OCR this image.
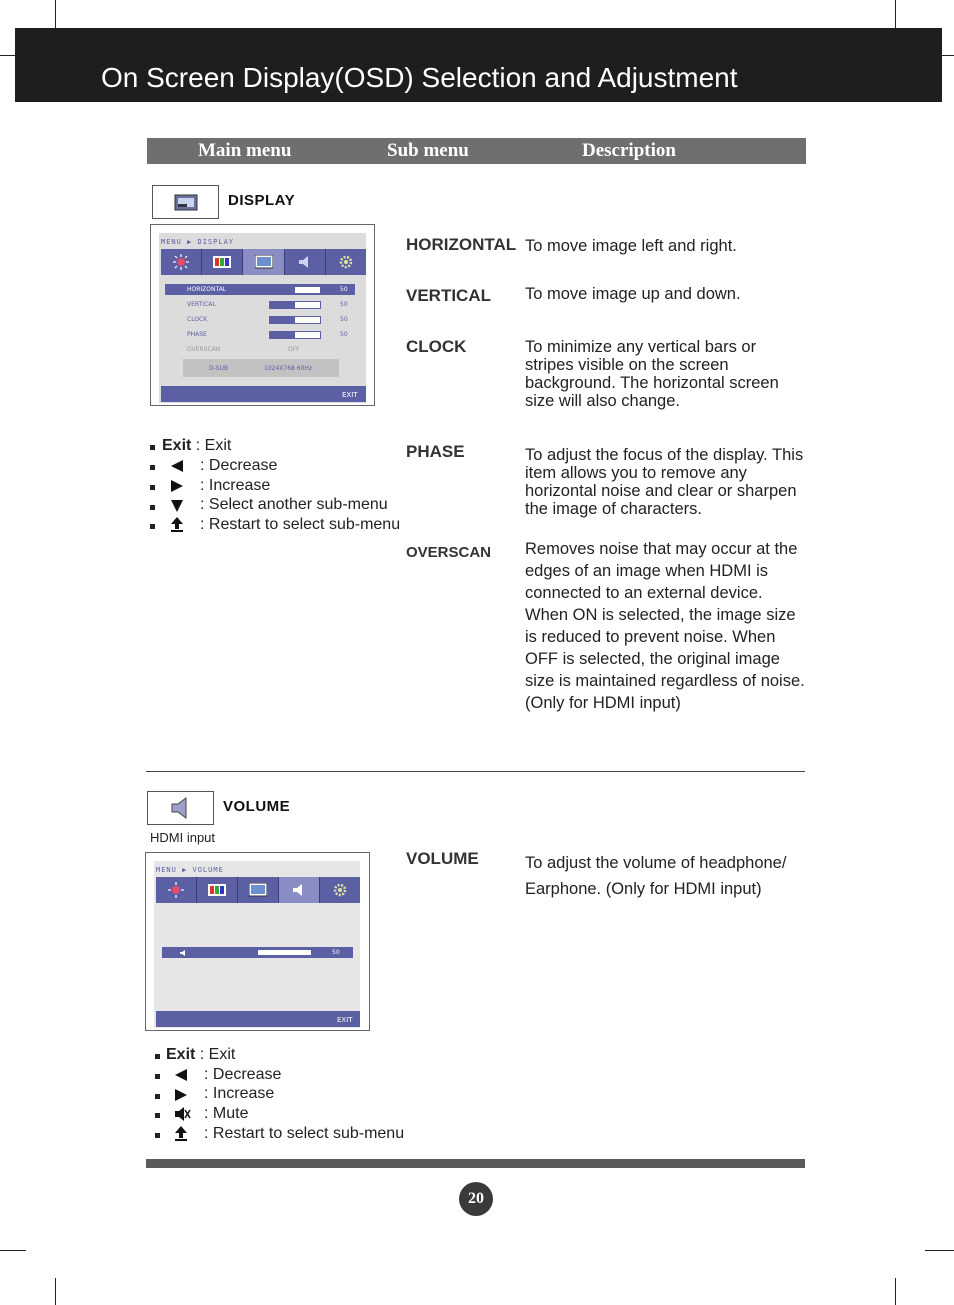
On Screen Display(OSD) Selection and Adjustment
Main menu	Sub menu	Description
DISPLAY
MENU ▶ DISPLAY
HORIZONTAL	50
VERTICAL	50
CLOCK	50
PHASE	50
OVERSCAN	OFF
D-SUB	1024X768 60Hz
EXIT
Exit : Exit
: Decrease
: Increase
: Select another sub-menu
: Restart to select sub-menu
HORIZONTAL To move image left and right.
VERTICAL To move image up and down.
CLOCK	To minimize any vertical bars or stripes visible on the screen background. The horizontal screen size will also change.
PHASE	To adjust the focus of the display. This item allows you to remove any horizontal noise and clear or sharpen the image of characters.
OVERSCAN Removes noise that may occur at the edges of an image when HDMI is connected to an external device. When ON is selected, the image size is reduced to prevent noise. When OFF is selected, the original image size is maintained regardless of noise. (Only for HDMI input)
VOLUME
HDMI input
MENU ▶ VOLUME
50
EXIT
Exit : Exit
: Decrease
: Increase
: Mute
: Restart to select sub-menu
VOLUME	To adjust the volume of headphone/ Earphone. (Only for HDMI input)
20
